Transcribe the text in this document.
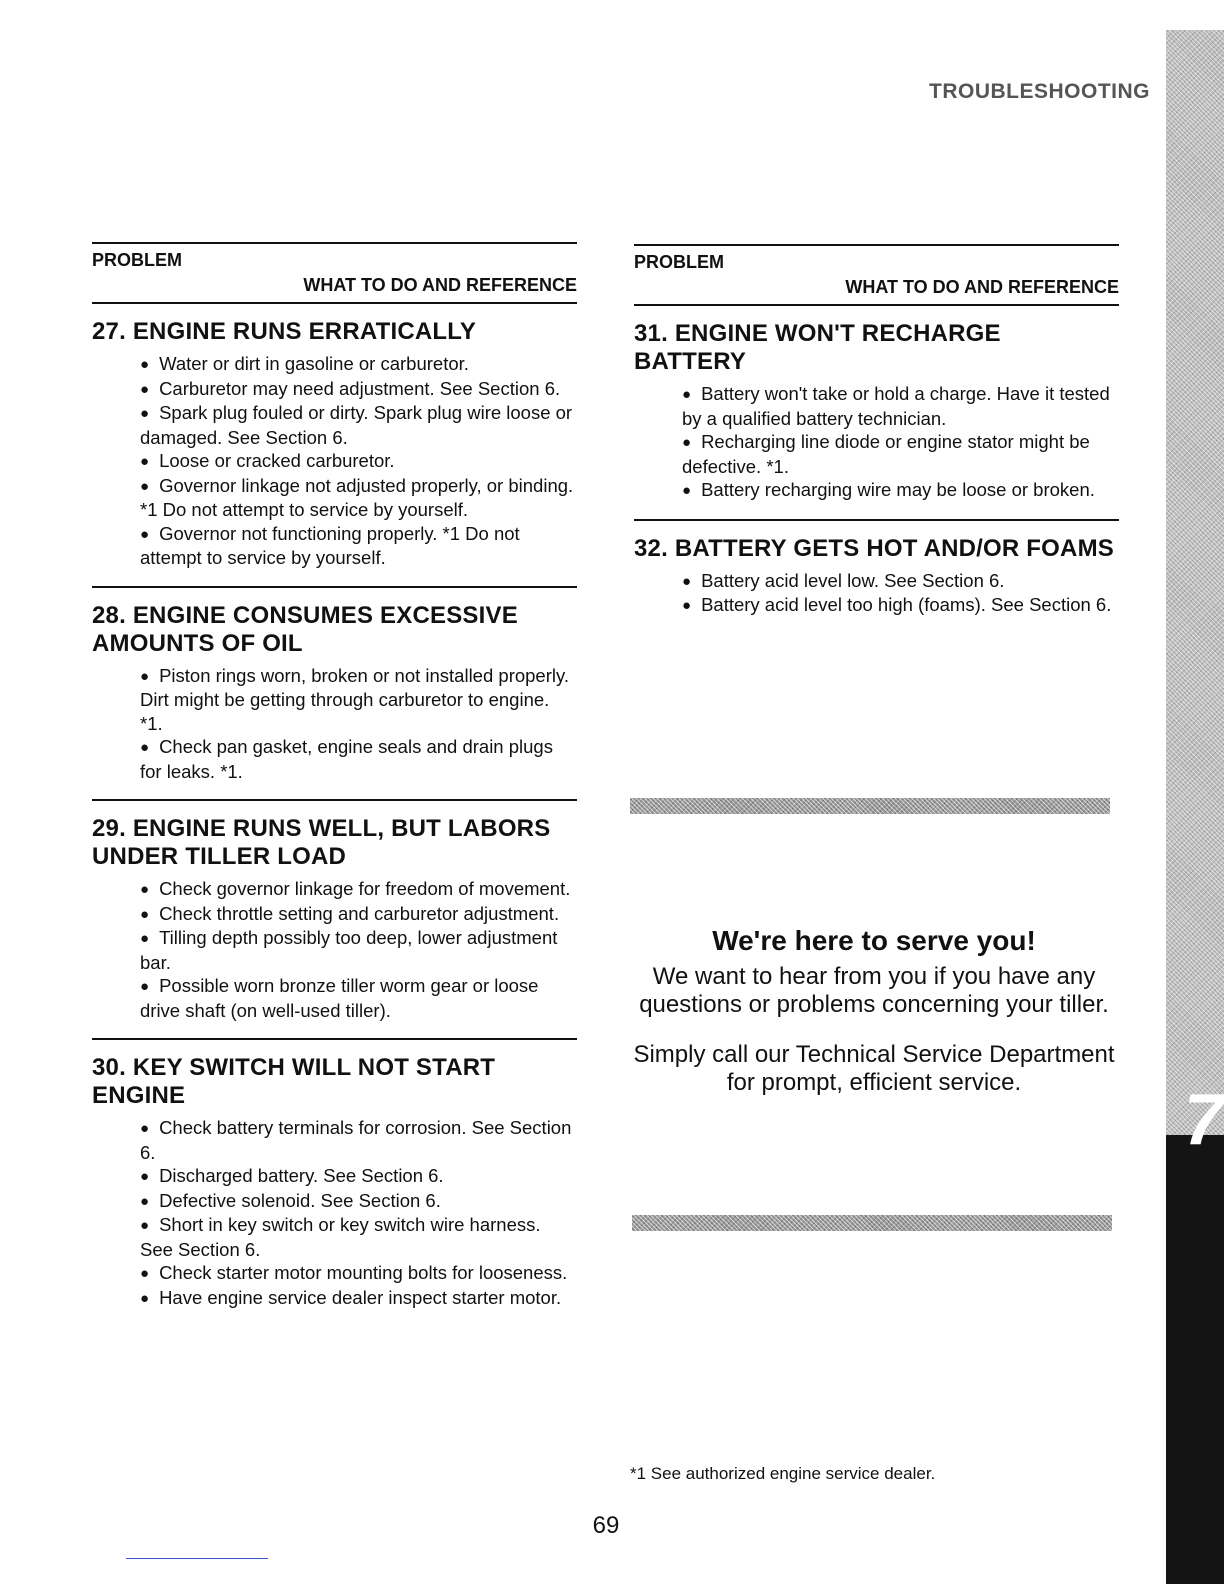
7
TROUBLESHOOTING
PROBLEM
WHAT TO DO AND REFERENCE
27. ENGINE RUNS ERRATICALLY
● Water or dirt in gasoline or carburetor.
● Carburetor may need adjustment. See Section 6.
● Spark plug fouled or dirty. Spark plug wire loose or damaged. See Section 6.
● Loose or cracked carburetor.
● Governor linkage not adjusted properly, or binding. *1 Do not attempt to service by yourself.
● Governor not functioning properly. *1 Do not attempt to service by yourself.
28. ENGINE CONSUMES EXCESSIVE AMOUNTS OF OIL
● Piston rings worn, broken or not installed properly. Dirt might be getting through carburetor to engine. *1.
● Check pan gasket, engine seals and drain plugs for leaks. *1.
29. ENGINE RUNS WELL, BUT LABORS UNDER TILLER LOAD
● Check governor linkage for freedom of movement.
● Check throttle setting and carburetor adjustment.
● Tilling depth possibly too deep, lower adjustment bar.
● Possible worn bronze tiller worm gear or loose drive shaft (on well-used tiller).
30. KEY SWITCH WILL NOT START ENGINE
● Check battery terminals for corrosion. See Section 6.
● Discharged battery. See Section 6.
● Defective solenoid. See Section 6.
● Short in key switch or key switch wire harness. See Section 6.
● Check starter motor mounting bolts for looseness.
● Have engine service dealer inspect starter motor.
PROBLEM
WHAT TO DO AND REFERENCE
31. ENGINE WON'T RECHARGE BATTERY
● Battery won't take or hold a charge. Have it tested by a qualified battery technician.
● Recharging line diode or engine stator might be defective. *1.
● Battery recharging wire may be loose or broken.
32. BATTERY GETS HOT AND/OR FOAMS
● Battery acid level low. See Section 6.
● Battery acid level too high (foams). See Section 6.
We're here to serve you!

We want to hear from you if you have any questions or problems concerning your tiller.

Simply call our Technical Service Department for prompt, efficient service.

*1 See authorized engine service dealer.
69
